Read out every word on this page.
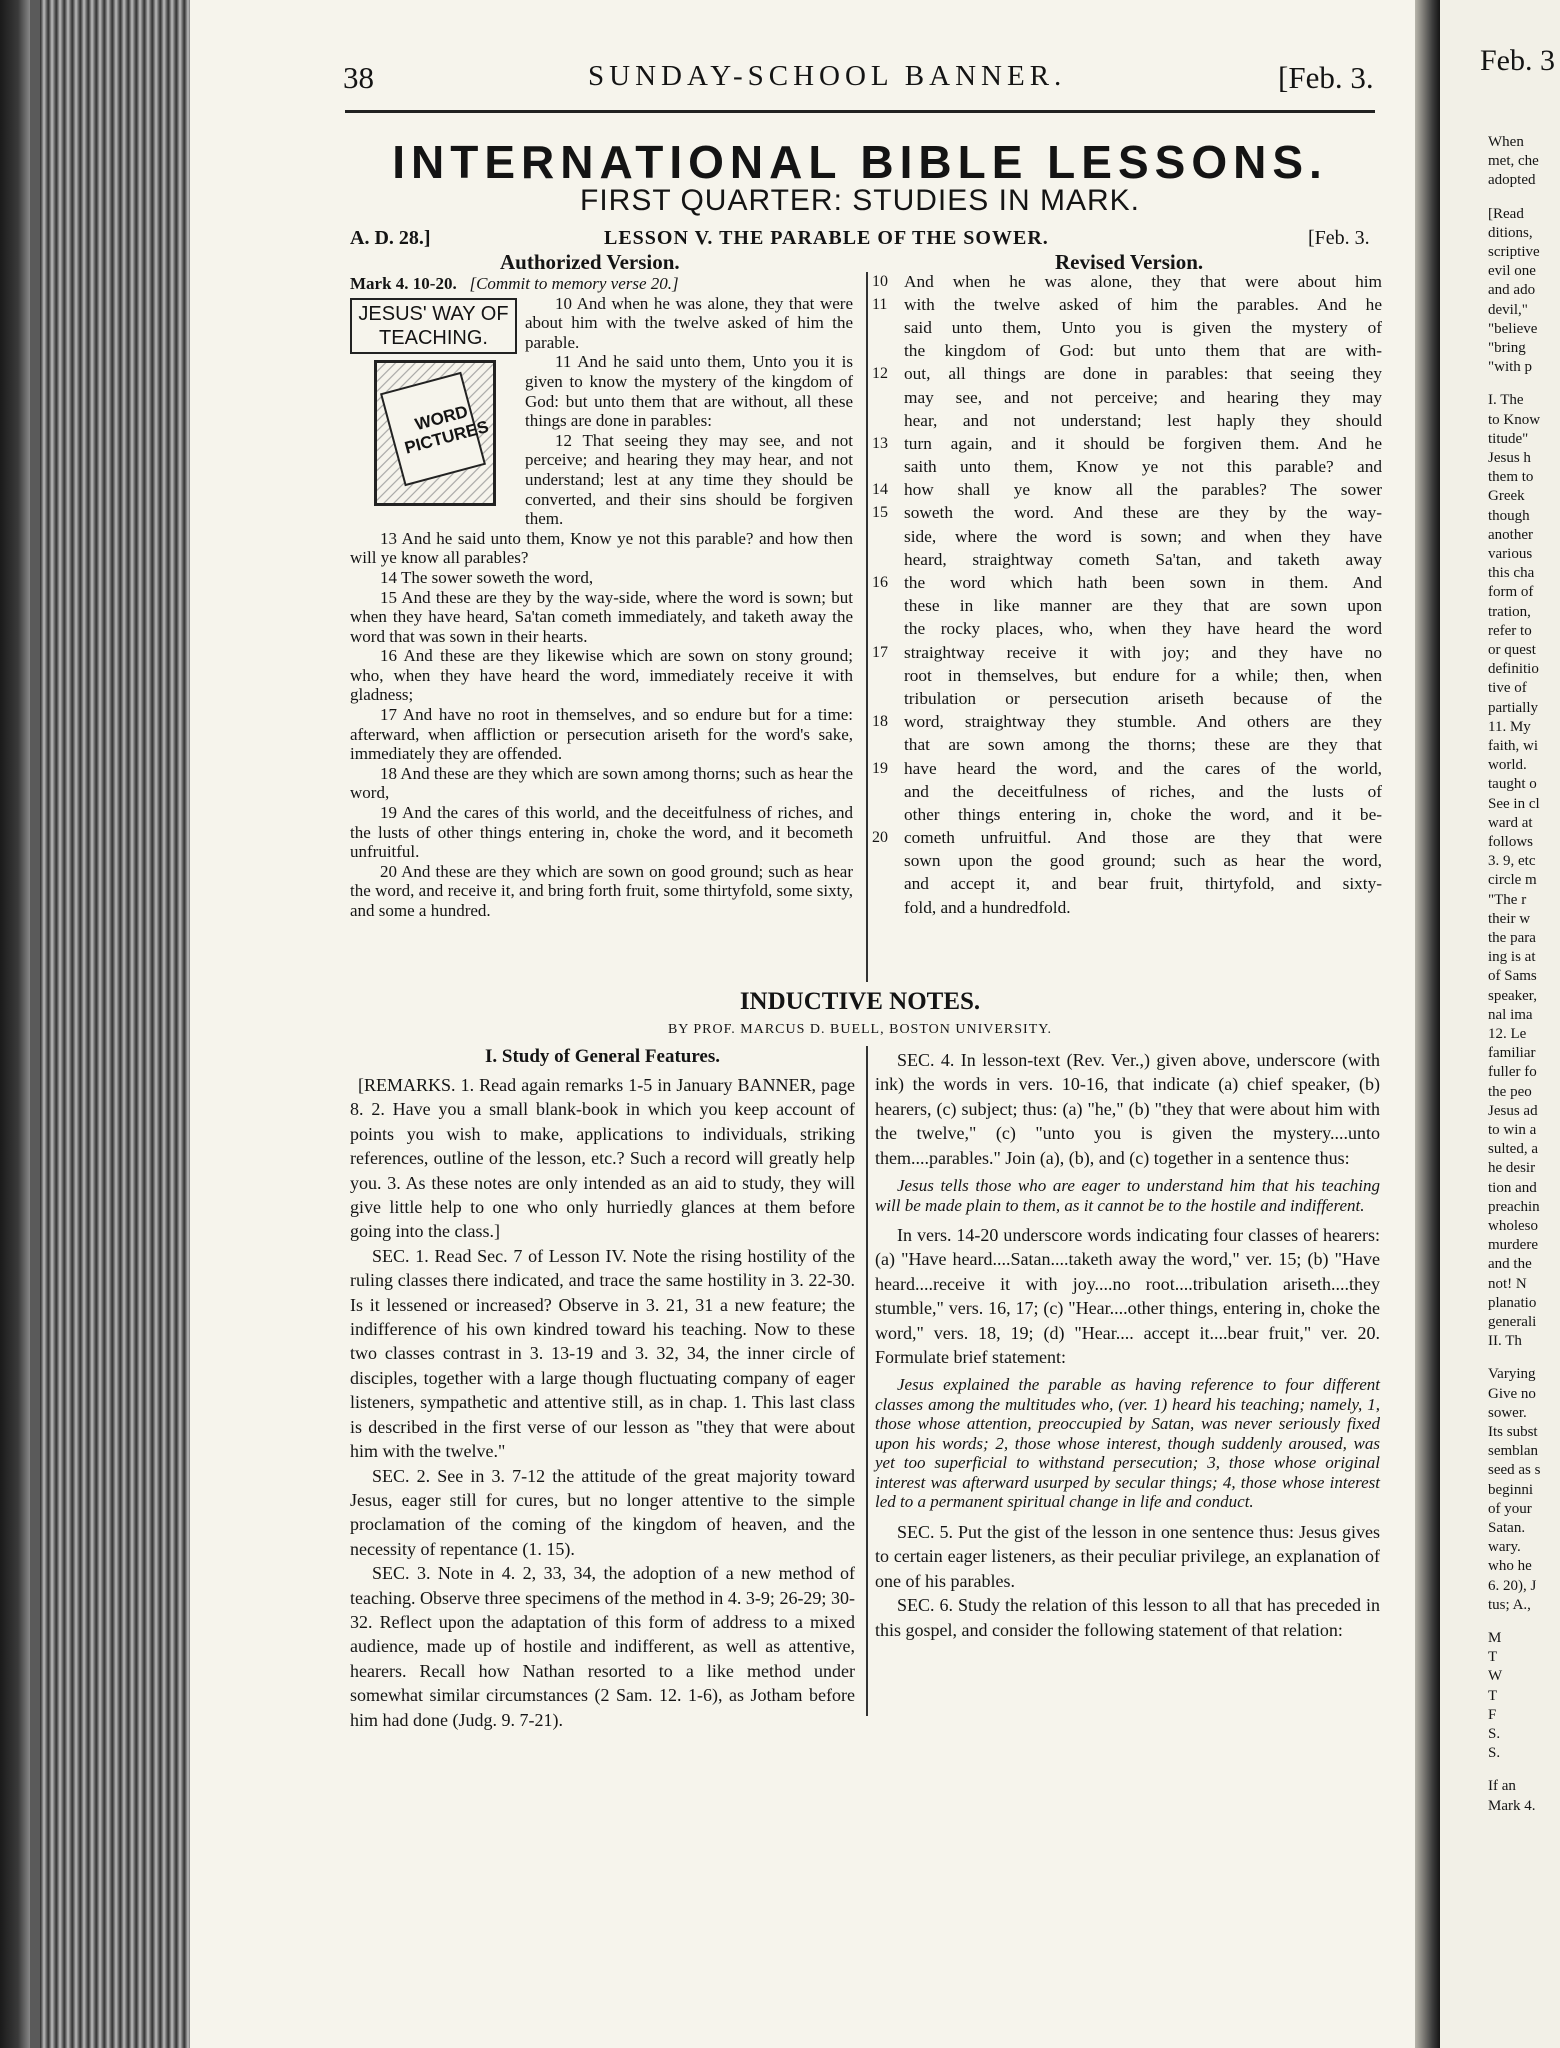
Feb. 3
When
met, che
adopted
[Read
ditions,
scriptive
evil one
and ado
devil,"
"believe
"bring
"with p
I. The
to Know
titude"
Jesus h
them to
Greek
though
another
various
this cha
form of
tration,
refer to
or quest
definitio
tive of
partially
11. My
faith, wi
world.
taught o
See in cl
ward at
follows
3. 9, etc
circle m
"The r
their w
the para
ing is at
of Sams
speaker,
nal ima
12. Le
familiar
fuller fo
the peo
Jesus ad
to win a
sulted, a
he desir
tion and
preachin
wholeso
murdere
and the
not! N
planatio
generali
II. Th
Varying
Give no
sower.
Its subst
semblan
seed as s
beginni
of your
Satan.
wary.
who he
6. 20), J
tus; A.,
M
T
W
T
F
S.
S.
If an
Mark 4.
38	SUNDAY-SCHOOL BANNER.	[Feb. 3.
INTERNATIONAL BIBLE LESSONS.
FIRST QUARTER: STUDIES IN MARK.
A. D. 28.]	LESSON V. THE PARABLE OF THE SOWER.	[Feb. 3.
Authorized Version.	Revised Version.

Mark 4. 10-20. [Commit to memory verse 20.]

JESUS' WAY OF TEACHING.
WORD PICTURES

10 And when he was alone, they that were about him with the twelve asked of him the parable.

11 And he said unto them, Unto you it is given to know the mystery of the kingdom of God: but unto them that are without, all these things are done in parables:

12 That seeing they may see, and not perceive; and hearing they may hear, and not understand; lest at any time they should be converted, and their sins should be forgiven them.

13 And he said unto them, Know ye not this parable? and how then will ye know all parables?

14 The sower soweth the word,

15 And these are they by the way-side, where the word is sown; but when they have heard, Sa'tan cometh immediately, and taketh away the word that was sown in their hearts.

16 And these are they likewise which are sown on stony ground; who, when they have heard the word, immediately receive it with gladness;

17 And have no root in themselves, and so endure but for a time: afterward, when affliction or persecution ariseth for the word's sake, immediately they are offended.

18 And these are they which are sown among thorns; such as hear the word,

19 And the cares of this world, and the deceitfulness of riches, and the lusts of other things entering in, choke the word, and it becometh unfruitful.

20 And these are they which are sown on good ground; such as hear the word, and receive it, and bring forth fruit, some thirtyfold, some sixty, and some a hundred.

10 And when he was alone, they that were about him
11 with the twelve asked of him the parables. And he
said unto them, Unto you is given the mystery of
the kingdom of God: but unto them that are with-
12 out, all things are done in parables: that seeing they
may see, and not perceive; and hearing they may
hear, and not understand; lest haply they should
13 turn again, and it should be forgiven them. And he
saith unto them, Know ye not this parable? and
14 how shall ye know all the parables? The sower
15 soweth the word. And these are they by the way-
side, where the word is sown; and when they have
heard, straightway cometh Sa'tan, and taketh away
16 the word which hath been sown in them. And
these in like manner are they that are sown upon
the rocky places, who, when they have heard the word
17 straightway receive it with joy; and they have no
root in themselves, but endure for a while; then, when
tribulation or persecution ariseth because of the
18 word, straightway they stumble. And others are they
that are sown among the thorns; these are they that
19 have heard the word, and the cares of the world,
and the deceitfulness of riches, and the lusts of
other things entering in, choke the word, and it be-
20 cometh unfruitful. And those are they that were
sown upon the good ground; such as hear the word,
and accept it, and bear fruit, thirtyfold, and sixty-
fold, and a hundredfold.
INDUCTIVE NOTES.
BY PROF. MARCUS D. BUELL, BOSTON UNIVERSITY.
I. Study of General Features.

[REMARKS. 1. Read again remarks 1-5 in January BANNER, page 8. 2. Have you a small blank-book in which you keep account of points you wish to make, applications to individuals, striking references, outline of the lesson, etc.? Such a record will greatly help you. 3. As these notes are only intended as an aid to study, they will give little help to one who only hurriedly glances at them before going into the class.]

SEC. 1. Read Sec. 7 of Lesson IV. Note the rising hostility of the ruling classes there indicated, and trace the same hostility in 3. 22-30. Is it lessened or increased? Observe in 3. 21, 31 a new feature; the indifference of his own kindred toward his teaching. Now to these two classes contrast in 3. 13-19 and 3. 32, 34, the inner circle of disciples, together with a large though fluctuating company of eager listeners, sympathetic and attentive still, as in chap. 1. This last class is described in the first verse of our lesson as "they that were about him with the twelve."

SEC. 2. See in 3. 7-12 the attitude of the great majority toward Jesus, eager still for cures, but no longer attentive to the simple proclamation of the coming of the kingdom of heaven, and the necessity of repentance (1. 15).

SEC. 3. Note in 4. 2, 33, 34, the adoption of a new method of teaching. Observe three specimens of the method in 4. 3-9; 26-29; 30-32. Reflect upon the adaptation of this form of address to a mixed audience, made up of hostile and indifferent, as well as attentive, hearers. Recall how Nathan resorted to a like method under somewhat similar circumstances (2 Sam. 12. 1-6), as Jotham before him had done (Judg. 9. 7-21).

SEC. 4. In lesson-text (Rev. Ver.,) given above, underscore (with ink) the words in vers. 10-16, that indicate (a) chief speaker, (b) hearers, (c) subject; thus: (a) "he," (b) "they that were about him with the twelve," (c) "unto you is given the mystery....unto them....parables." Join (a), (b), and (c) together in a sentence thus:

Jesus tells those who are eager to understand him that his teaching will be made plain to them, as it cannot be to the hostile and indifferent.

In vers. 14-20 underscore words indicating four classes of hearers: (a) "Have heard....Satan....taketh away the word," ver. 15; (b) "Have heard....receive it with joy....no root....tribulation ariseth....they stumble," vers. 16, 17; (c) "Hear....other things, entering in, choke the word," vers. 18, 19; (d) "Hear.... accept it....bear fruit," ver. 20. Formulate brief statement:

Jesus explained the parable as having reference to four different classes among the multitudes who, (ver. 1) heard his teaching; namely, 1, those whose attention, preoccupied by Satan, was never seriously fixed upon his words; 2, those whose interest, though suddenly aroused, was yet too superficial to withstand persecution; 3, those whose original interest was afterward usurped by secular things; 4, those whose interest led to a permanent spiritual change in life and conduct.

SEC. 5. Put the gist of the lesson in one sentence thus: Jesus gives to certain eager listeners, as their peculiar privilege, an explanation of one of his parables.

SEC. 6. Study the relation of this lesson to all that has preceded in this gospel, and consider the following statement of that relation:
